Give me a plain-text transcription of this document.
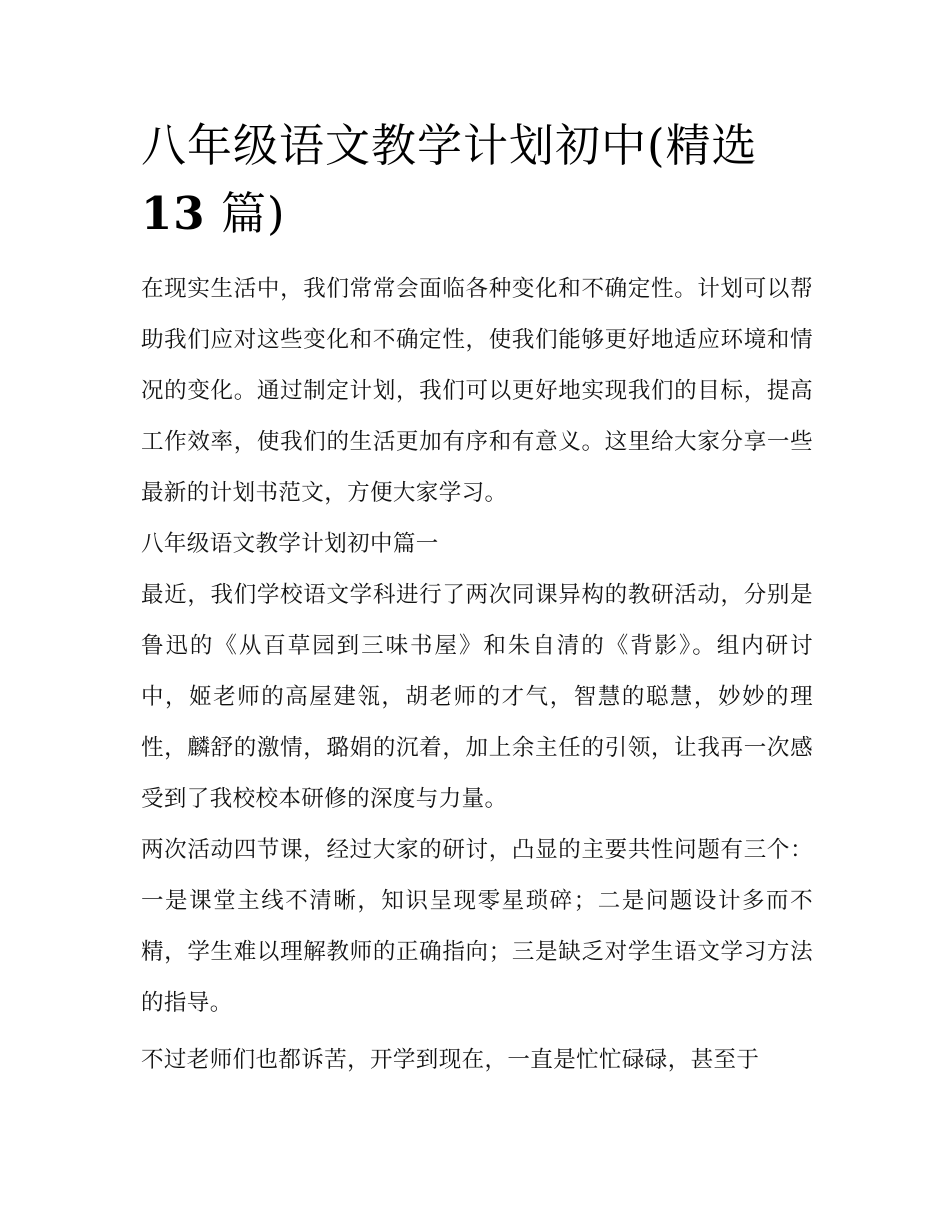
八年级语文教学计划初中(精选
13 篇)

在现实生活中，我们常常会面临各种变化和不确定性。计划可以帮助我们应对这些变化和不确定性，使我们能够更好地适应环境和情况的变化。通过制定计划，我们可以更好地实现我们的目标，提高工作效率，使我们的生活更加有序和有意义。这里给大家分享一些最新的计划书范文，方便大家学习。

八年级语文教学计划初中篇一

最近，我们学校语文学科进行了两次同课异构的教研活动，分别是鲁迅的《从百草园到三味书屋》和朱自清的《背影》。组内研讨中，姬老师的高屋建瓴，胡老师的才气，智慧的聪慧，妙妙的理性，麟舒的激情，璐娟的沉着，加上余主任的引领，让我再一次感受到了我校校本研修的深度与力量。

两次活动四节课，经过大家的研讨，凸显的主要共性问题有三个：一是课堂主线不清晰，知识呈现零星琐碎；二是问题设计多而不精，学生难以理解教师的正确指向；三是缺乏对学生语文学习方法的指导。

不过老师们也都诉苦，开学到现在，一直是忙忙碌碌，甚至于
